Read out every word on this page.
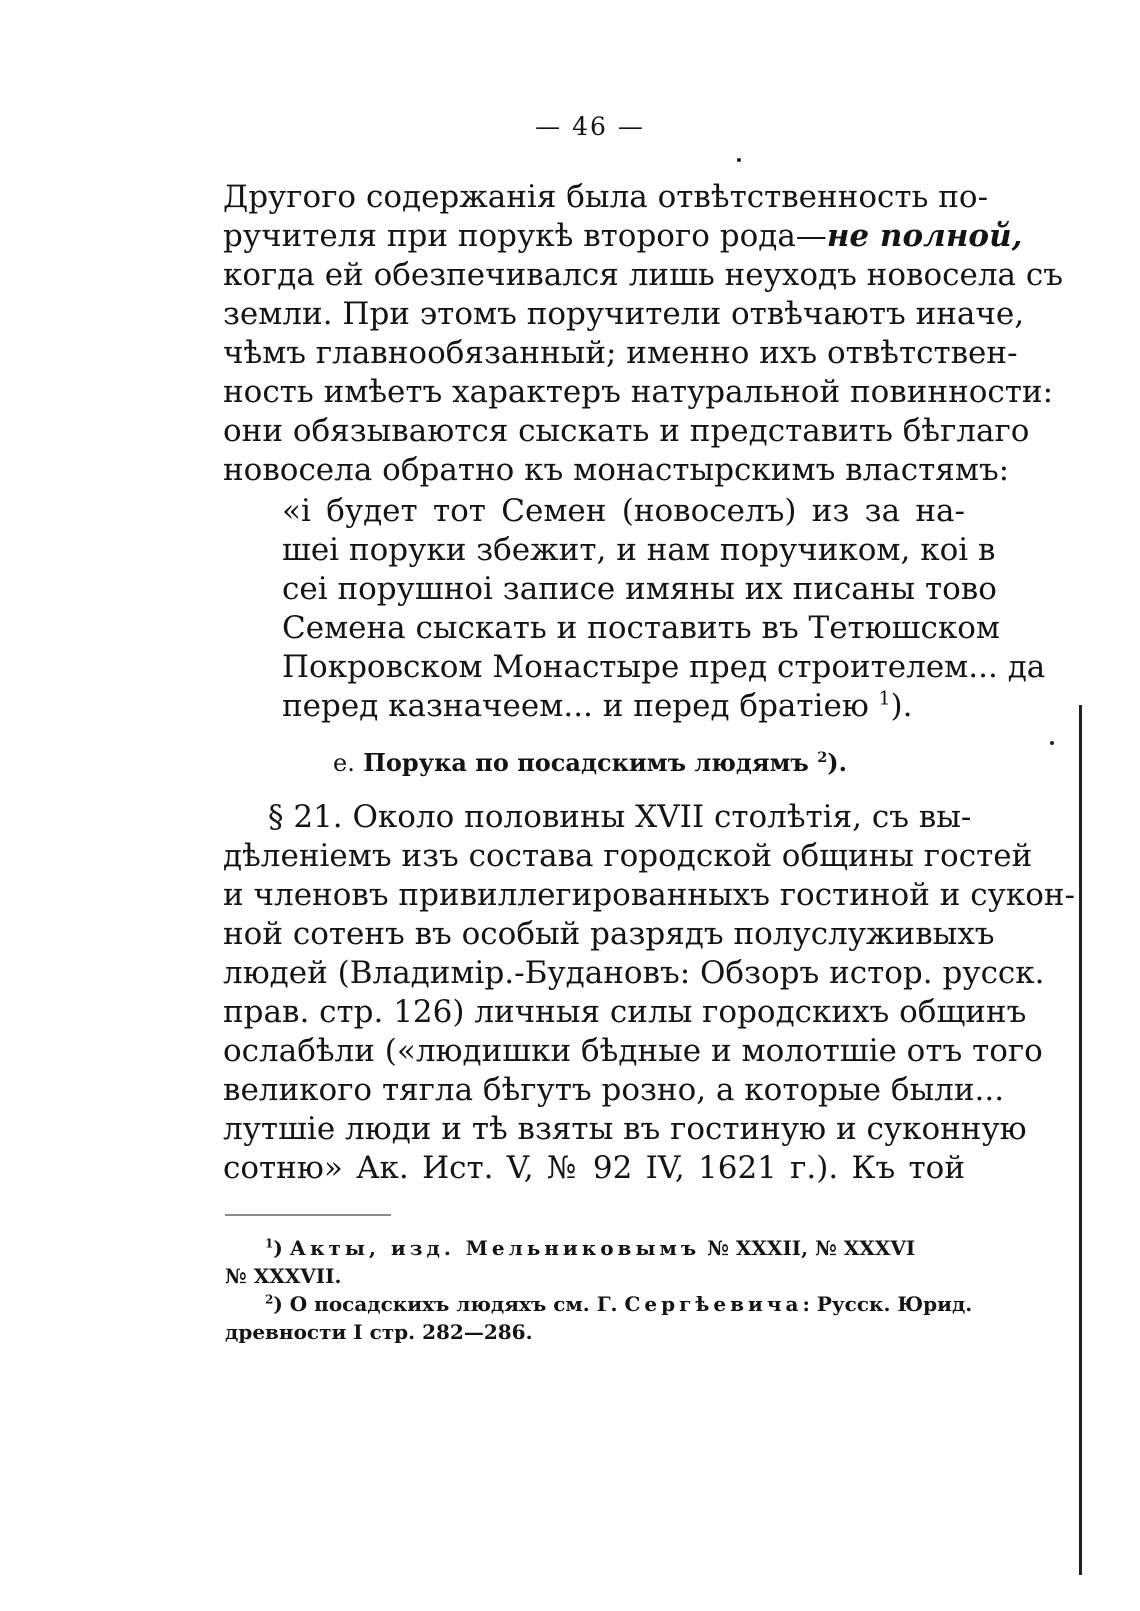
— 46 —
Другого содержанія была отвѣтственность по-
ручителя при порукѣ второго рода—не полной,
когда ей обезпечивался лишь неуходъ новосела съ
земли. При этомъ поручители отвѣчаютъ иначе,
чѣмъ главнообязанный; именно ихъ отвѣтствен-
ность имѣетъ характеръ натуральной повинности:
они обязываются сыскать и представить бѣглаго
новосела обратно къ монастырскимъ властямъ:
«і будет тот Семен (новоселъ) из за на-
шеі поруки збежит, и нам поручиком, коі в
сеі порушноі записе имяны их писаны тово
Семена сыскать и поставить въ Тетюшском
Покровском Монастыре пред строителем... да
перед казначеем... и перед братіею $^1$).
е. Порука по посадскимъ людямъ $^2$).
§ 21. Около половины XVII столѣтія, съ вы-
дѣленіемъ изъ состава городской общины гостей
и членовъ привиллегированныхъ гостиной и сукон-
ной сотенъ въ особый разрядъ полуслуживыхъ
людей (Владимір.-Будановъ: Обзоръ истор. русск.
прав. стр. 126) личныя силы городскихъ общинъ
ослабѣли («людишки бѣдные и молотшіе отъ того
великого тягла бѣгутъ розно, а которые были...
лутшіе люди и тѣ взяты въ гостиную и суконную
сотню» Ак. Ист. V, № 92 IV, 1621 г.). Къ той
$^1$) Акты, изд. Мельниковымъ № XXXII, № XXXVI
№ XXXVII.
$^2$) О посадскихъ людяхъ см. Г. Сергѣевича: Русск. Юрид.
древности I стр. 282—286.
